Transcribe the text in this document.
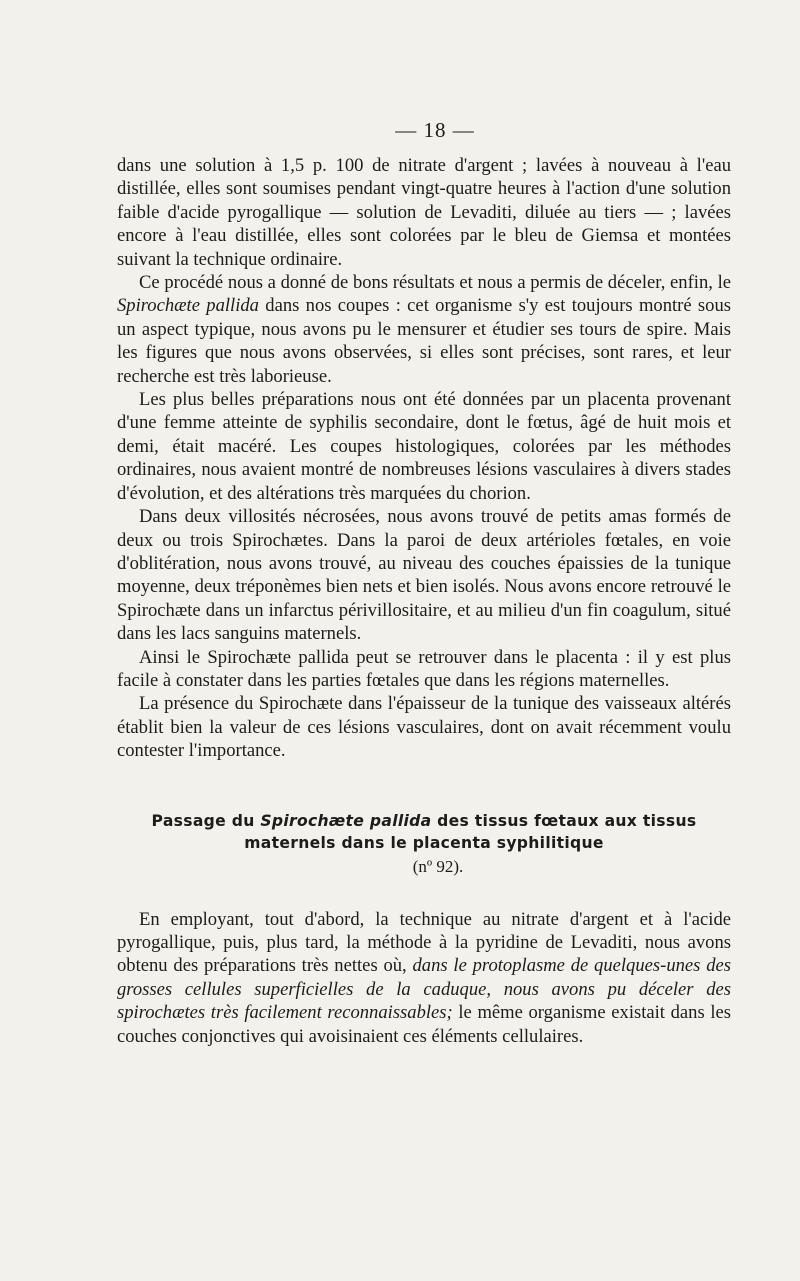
— 18 —

dans une solution à 1,5 p. 100 de nitrate d'argent ; lavées à nouveau à l'eau distillée, elles sont soumises pendant vingt-quatre heures à l'action d'une solution faible d'acide pyrogallique — solution de Levaditi, diluée au tiers — ; lavées encore à l'eau distillée, elles sont colorées par le bleu de Giemsa et montées suivant la technique ordinaire.

Ce procédé nous a donné de bons résultats et nous a permis de déceler, enfin, le Spirochæte pallida dans nos coupes : cet organisme s'y est toujours montré sous un aspect typique, nous avons pu le mensurer et étudier ses tours de spire. Mais les figures que nous avons observées, si elles sont précises, sont rares, et leur recherche est très laborieuse.

Les plus belles préparations nous ont été données par un placenta provenant d'une femme atteinte de syphilis secondaire, dont le fœtus, âgé de huit mois et demi, était macéré. Les coupes histologiques, colorées par les méthodes ordinaires, nous avaient montré de nombreuses lésions vasculaires à divers stades d'évolution, et des altérations très marquées du chorion.

Dans deux villosités nécrosées, nous avons trouvé de petits amas formés de deux ou trois Spirochætes. Dans la paroi de deux artérioles fœtales, en voie d'oblitération, nous avons trouvé, au niveau des couches épaissies de la tunique moyenne, deux tréponèmes bien nets et bien isolés. Nous avons encore retrouvé le Spirochæte dans un infarctus périvillositaire, et au milieu d'un fin coagulum, situé dans les lacs sanguins maternels.

Ainsi le Spirochæte pallida peut se retrouver dans le placenta : il y est plus facile à constater dans les parties fœtales que dans les régions maternelles.

La présence du Spirochæte dans l'épaisseur de la tunique des vaisseaux altérés établit bien la valeur de ces lésions vasculaires, dont on avait récemment voulu contester l'importance.

Passage du Spirochæte pallida des tissus fœtaux aux tissus maternels dans le placenta syphilitique
(nº 92).

En employant, tout d'abord, la technique au nitrate d'argent et à l'acide pyrogallique, puis, plus tard, la méthode à la pyridine de Levaditi, nous avons obtenu des préparations très nettes où, dans le protoplasme de quelques-unes des grosses cellules superficielles de la caduque, nous avons pu déceler des spirochætes très facilement reconnaissables; le même organisme existait dans les couches conjonctives qui avoisinaient ces éléments cellulaires.
